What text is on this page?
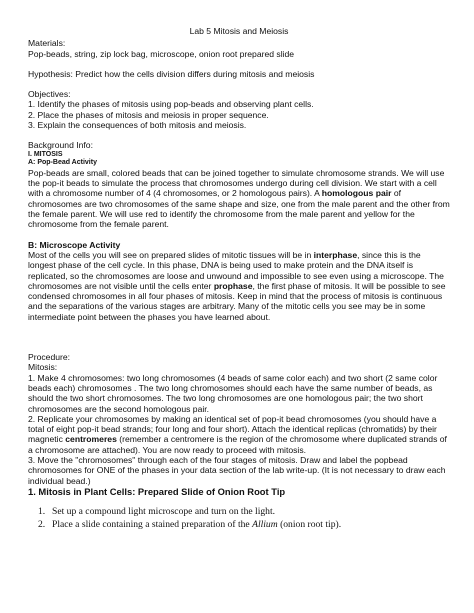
Lab 5 Mitosis and Meiosis

Materials:

Pop-beads, string, zip lock bag, microscope, onion root prepared slide

Hypothesis: Predict how the cells division differs during mitosis and meiosis

Objectives:

1. Identify the phases of mitosis using pop-beads and observing plant cells.
2. Place the phases of mitosis and meiosis in proper sequence.
3. Explain the consequences of both mitosis and meiosis.

Background Info:

I. MITOSIS

A: Pop-Bead Activity

Pop-beads are small, colored beads that can be joined together to simulate chromosome strands. We will use the pop-it beads to simulate the process that chromosomes undergo during cell division. We start with a cell with a chromosome number of 4 (4 chromosomes, or 2 homologous pairs). A homologous pair of chromosomes are two chromosomes of the same shape and size, one from the male parent and the other from the female parent. We will use red to identify the chromosome from the male parent and yellow for the chromosome from the female parent.

B: Microscope Activity

Most of the cells you will see on prepared slides of mitotic tissues will be in interphase, since this is the longest phase of the cell cycle. In this phase, DNA is being used to make protein and the DNA itself is replicated, so the chromosomes are loose and unwound and impossible to see even using a microscope. The chromosomes are not visible until the cells enter prophase, the first phase of mitosis. It will be possible to see condensed chromosomes in all four phases of mitosis. Keep in mind that the process of mitosis is continuous and the separations of the various stages are arbitrary. Many of the mitotic cells you see may be in some intermediate point between the phases you have learned about.

Procedure:

Mitosis:

1. Make 4 chromosomes: two long chromosomes (4 beads of same color each) and two short (2 same color beads each) chromosomes . The two long chromosomes should each have the same number of beads, as should the two short chromosomes. The two long chromosomes are one homologous pair; the two short chromosomes are the second homologous pair.

2. Replicate your chromosomes by making an identical set of pop-it bead chromosomes (you should have a total of eight pop-it bead strands; four long and four short). Attach the identical replicas (chromatids) by their magnetic centromeres (remember a centromere is the region of the chromosome where duplicated strands of a chromosome are attached). You are now ready to proceed with mitosis.

3. Move the "chromosomes" through each of the four stages of mitosis. Draw and label the popbead chromosomes for ONE of the phases in your data section of the lab write-up. (It is not necessary to draw each individual bead.)

1. Mitosis in Plant Cells: Prepared Slide of Onion Root Tip

1. Set up a compound light microscope and turn on the light.
2. Place a slide containing a stained preparation of the Allium (onion root tip).
